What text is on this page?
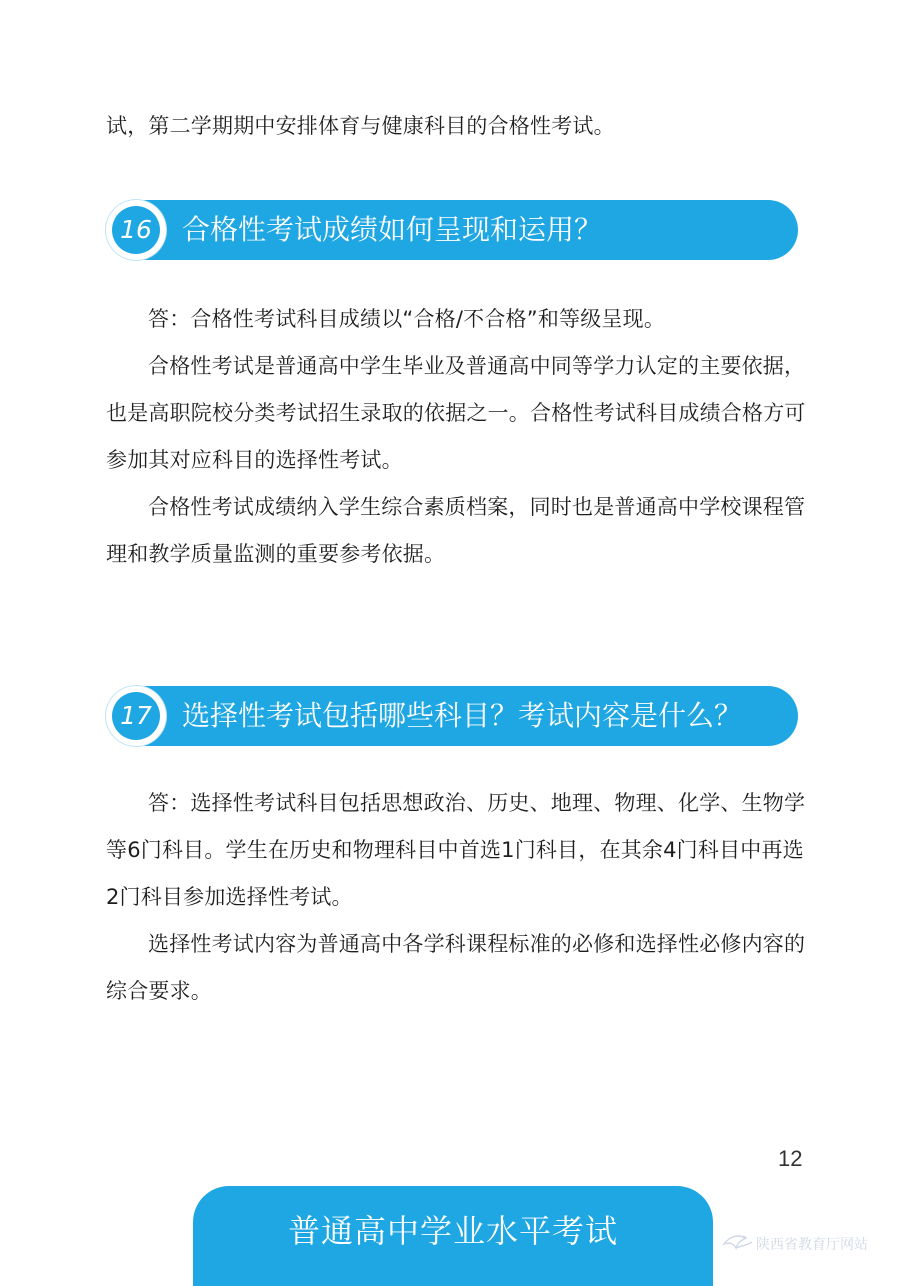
试，第二学期期中安排体育与健康科目的合格性考试。

16 合格性考试成绩如何呈现和运用？

答：合格性考试科目成绩以“合格/不合格”和等级呈现。

合格性考试是普通高中学生毕业及普通高中同等学力认定的主要依据，也是高职院校分类考试招生录取的依据之一。合格性考试科目成绩合格方可参加其对应科目的选择性考试。

合格性考试成绩纳入学生综合素质档案，同时也是普通高中学校课程管理和教学质量监测的重要参考依据。

17 选择性考试包括哪些科目？考试内容是什么？

答：选择性考试科目包括思想政治、历史、地理、物理、化学、生物学等6门科目。学生在历史和物理科目中首选1门科目，在其余4门科目中再选2门科目参加选择性考试。

选择性考试内容为普通高中各学科课程标准的必修和选择性必修内容的综合要求。

12
普通高中学业水平考试	陕西省教育厅网站
